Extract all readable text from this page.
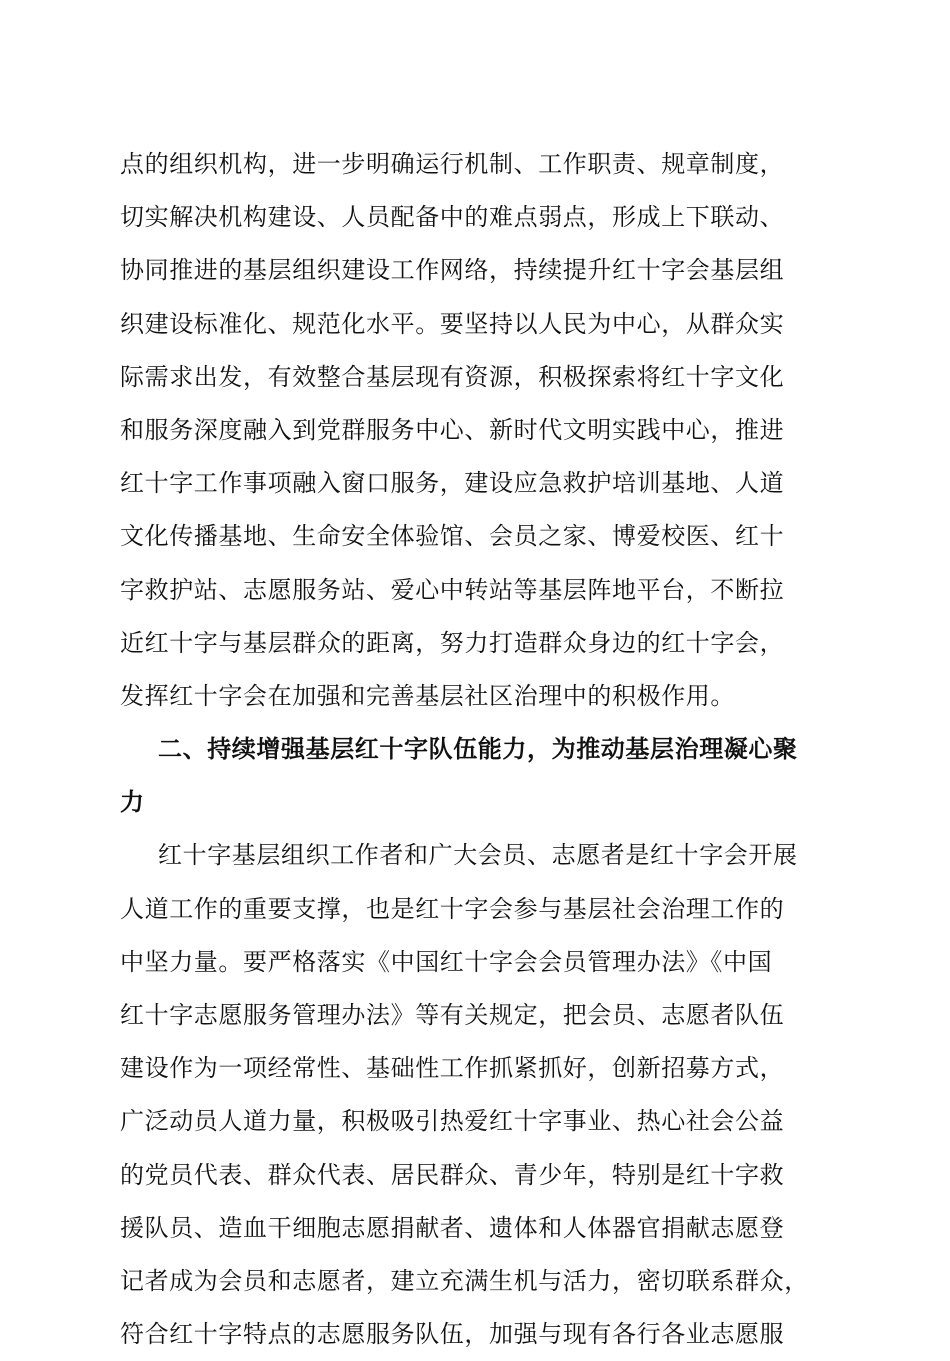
点的组织机构，进一步明确运行机制、工作职责、规章制度，
切实解决机构建设、人员配备中的难点弱点，形成上下联动、
协同推进的基层组织建设工作网络，持续提升红十字会基层组
织建设标准化、规范化水平。要坚持以人民为中心，从群众实
际需求出发，有效整合基层现有资源，积极探索将红十字文化
和服务深度融入到党群服务中心、新时代文明实践中心，推进
红十字工作事项融入窗口服务，建设应急救护培训基地、人道
文化传播基地、生命安全体验馆、会员之家、博爱校医、红十
字救护站、志愿服务站、爱心中转站等基层阵地平台，不断拉
近红十字与基层群众的距离，努力打造群众身边的红十字会，
发挥红十字会在加强和完善基层社区治理中的积极作用。
二、持续增强基层红十字队伍能力，为推动基层治理凝心聚
力
红十字基层组织工作者和广大会员、志愿者是红十字会开展
人道工作的重要支撑，也是红十字会参与基层社会治理工作的
中坚力量。要严格落实《中国红十字会会员管理办法》《中国
红十字志愿服务管理办法》等有关规定，把会员、志愿者队伍
建设作为一项经常性、基础性工作抓紧抓好，创新招募方式，
广泛动员人道力量，积极吸引热爱红十字事业、热心社会公益
的党员代表、群众代表、居民群众、青少年，特别是红十字救
援队员、造血干细胞志愿捐献者、遗体和人体器官捐献志愿登
记者成为会员和志愿者，建立充满生机与活力，密切联系群众，
符合红十字特点的志愿服务队伍，加强与现有各行各业志愿服
